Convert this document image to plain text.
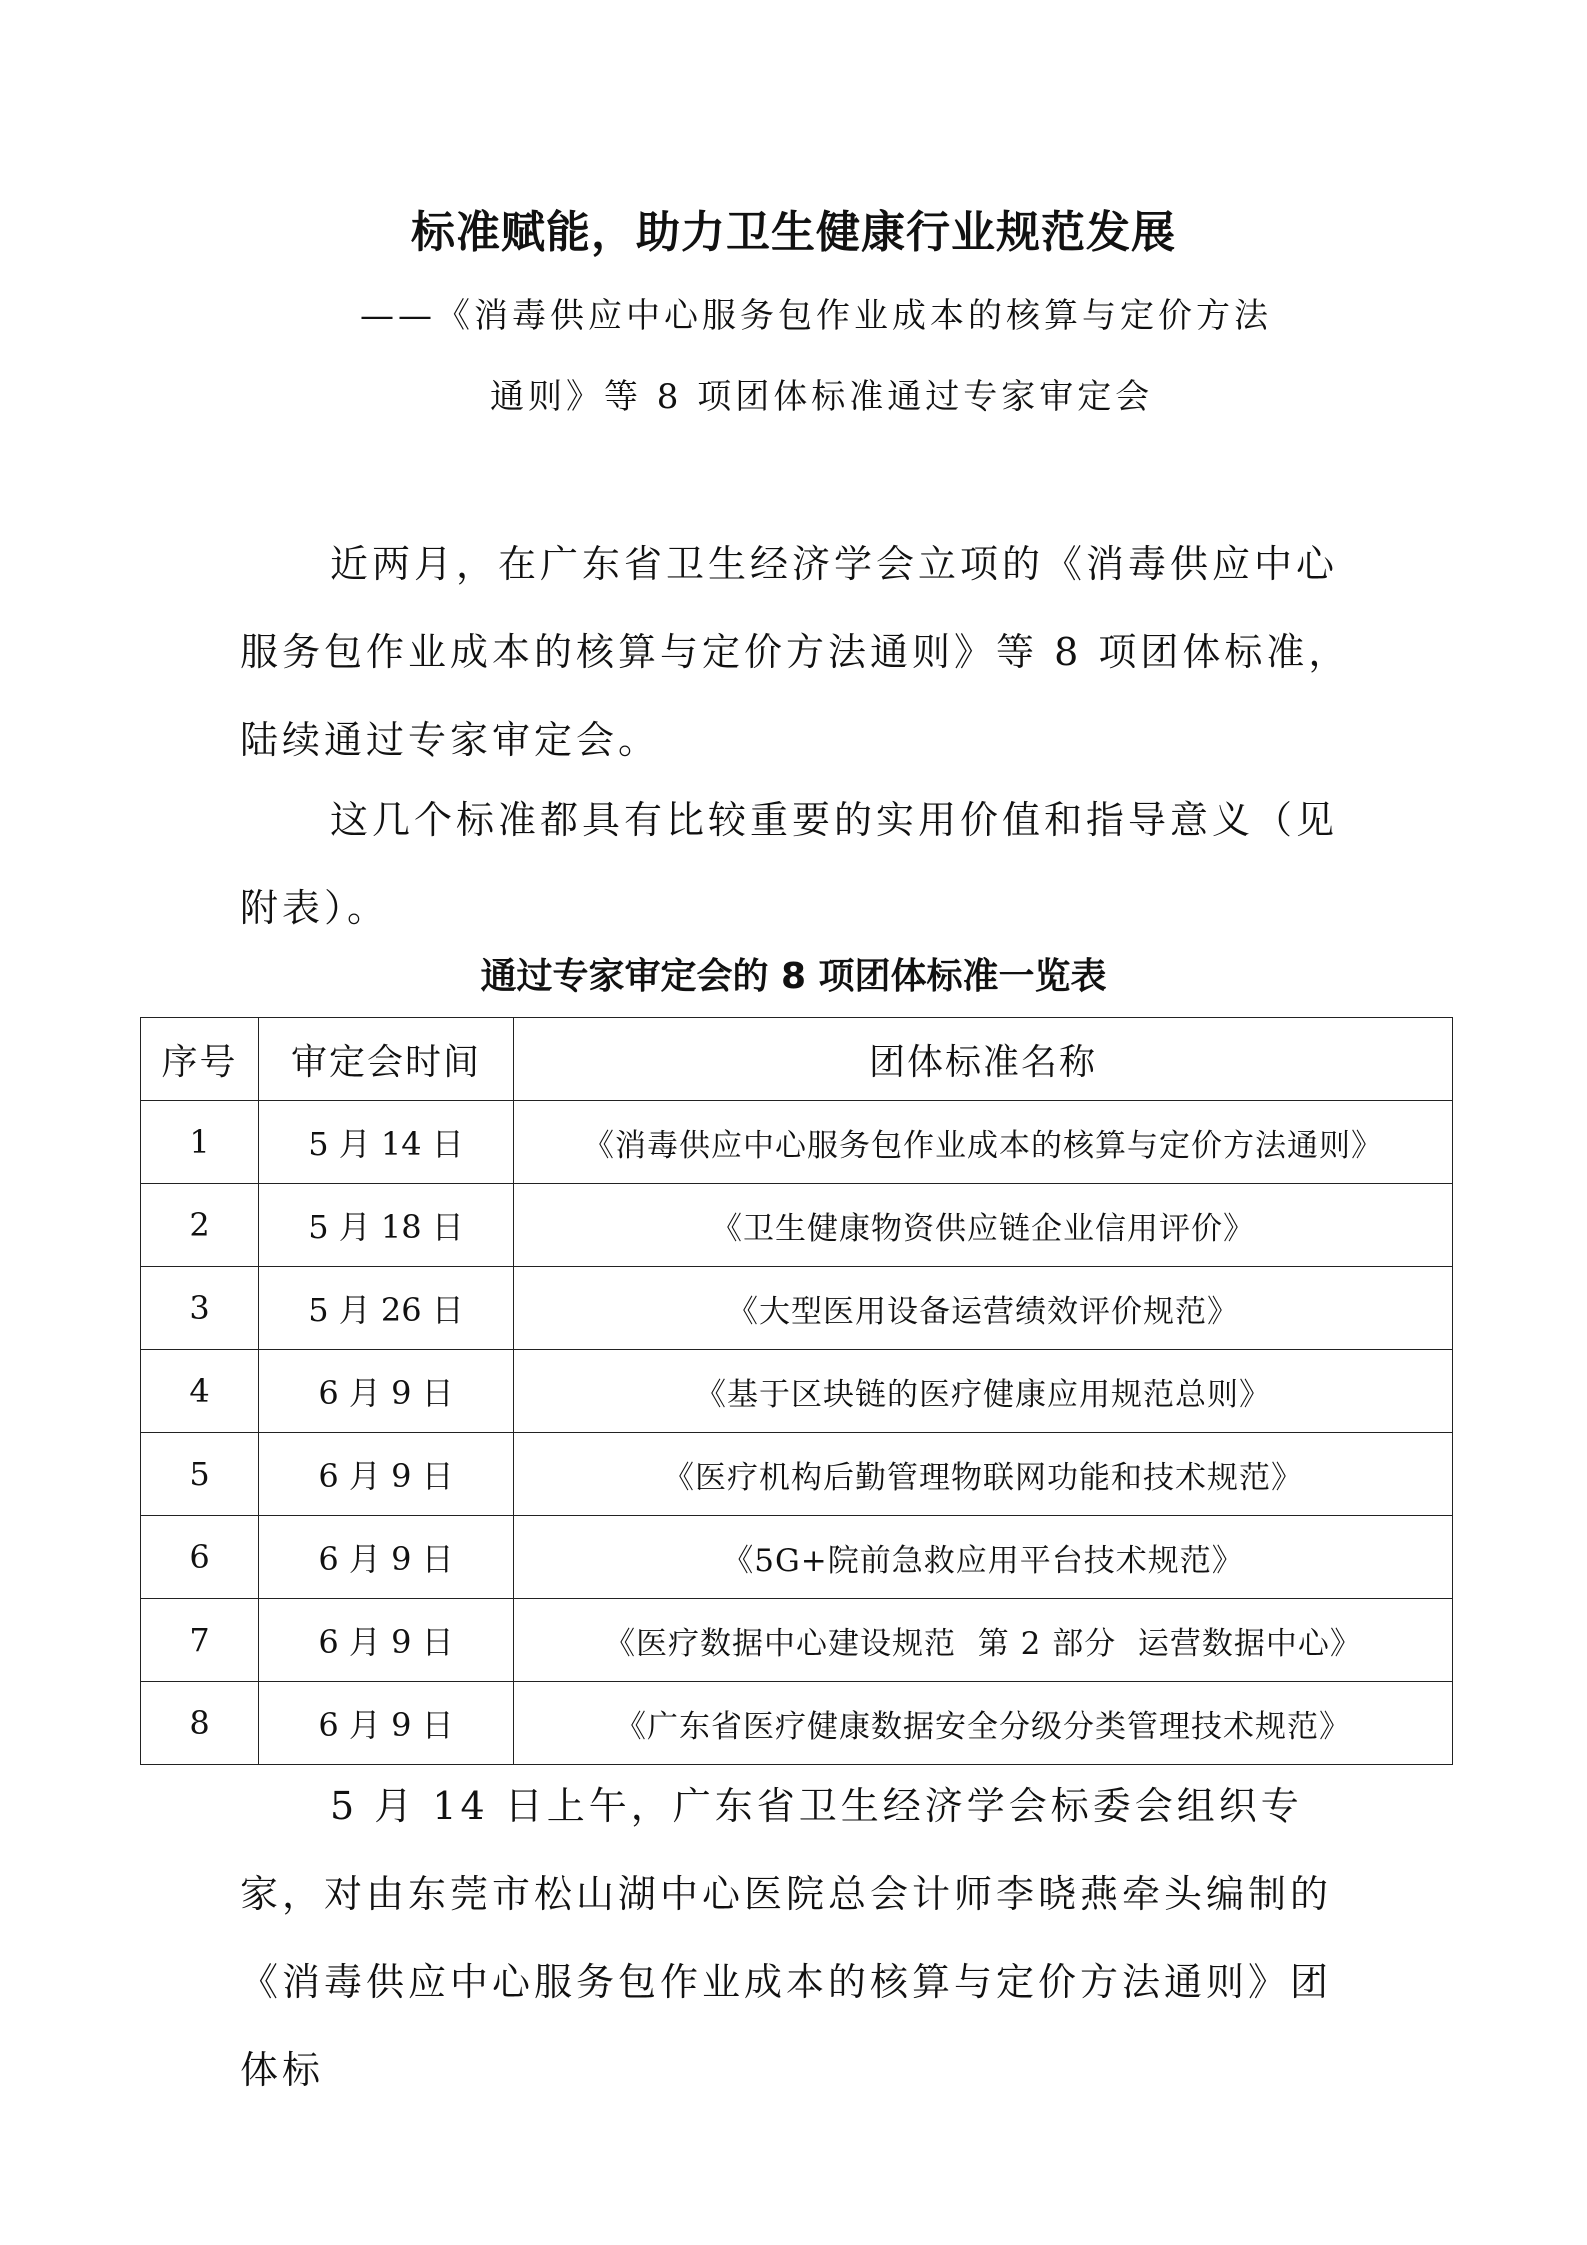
标准赋能，助力卫生健康行业规范发展
——《消毒供应中心服务包作业成本的核算与定价方法
通则》等 8 项团体标准通过专家审定会

近两月，在广东省卫生经济学会立项的《消毒供应中心服务包作业成本的核算与定价方法通则》等 8 项团体标准，陆续通过专家审定会。

这几个标准都具有比较重要的实用价值和指导意义（见附表）。

通过专家审定会的 8 项团体标准一览表
序号	审定会时间	团体标准名称
1	5 月 14 日	《消毒供应中心服务包作业成本的核算与定价方法通则》
2	5 月 18 日	《卫生健康物资供应链企业信用评价》
3	5 月 26 日	《大型医用设备运营绩效评价规范》
4	6 月 9 日	《基于区块链的医疗健康应用规范总则》
5	6 月 9 日	《医疗机构后勤管理物联网功能和技术规范》
6	6 月 9 日	《5G+院前急救应用平台技术规范》
7	6 月 9 日	《医疗数据中心建设规范  第 2 部分  运营数据中心》
8	6 月 9 日	《广东省医疗健康数据安全分级分类管理技术规范》

5 月 14 日上午，广东省卫生经济学会标委会组织专家，对由东莞市松山湖中心医院总会计师李晓燕牵头编制的《消毒供应中心服务包作业成本的核算与定价方法通则》团体标
